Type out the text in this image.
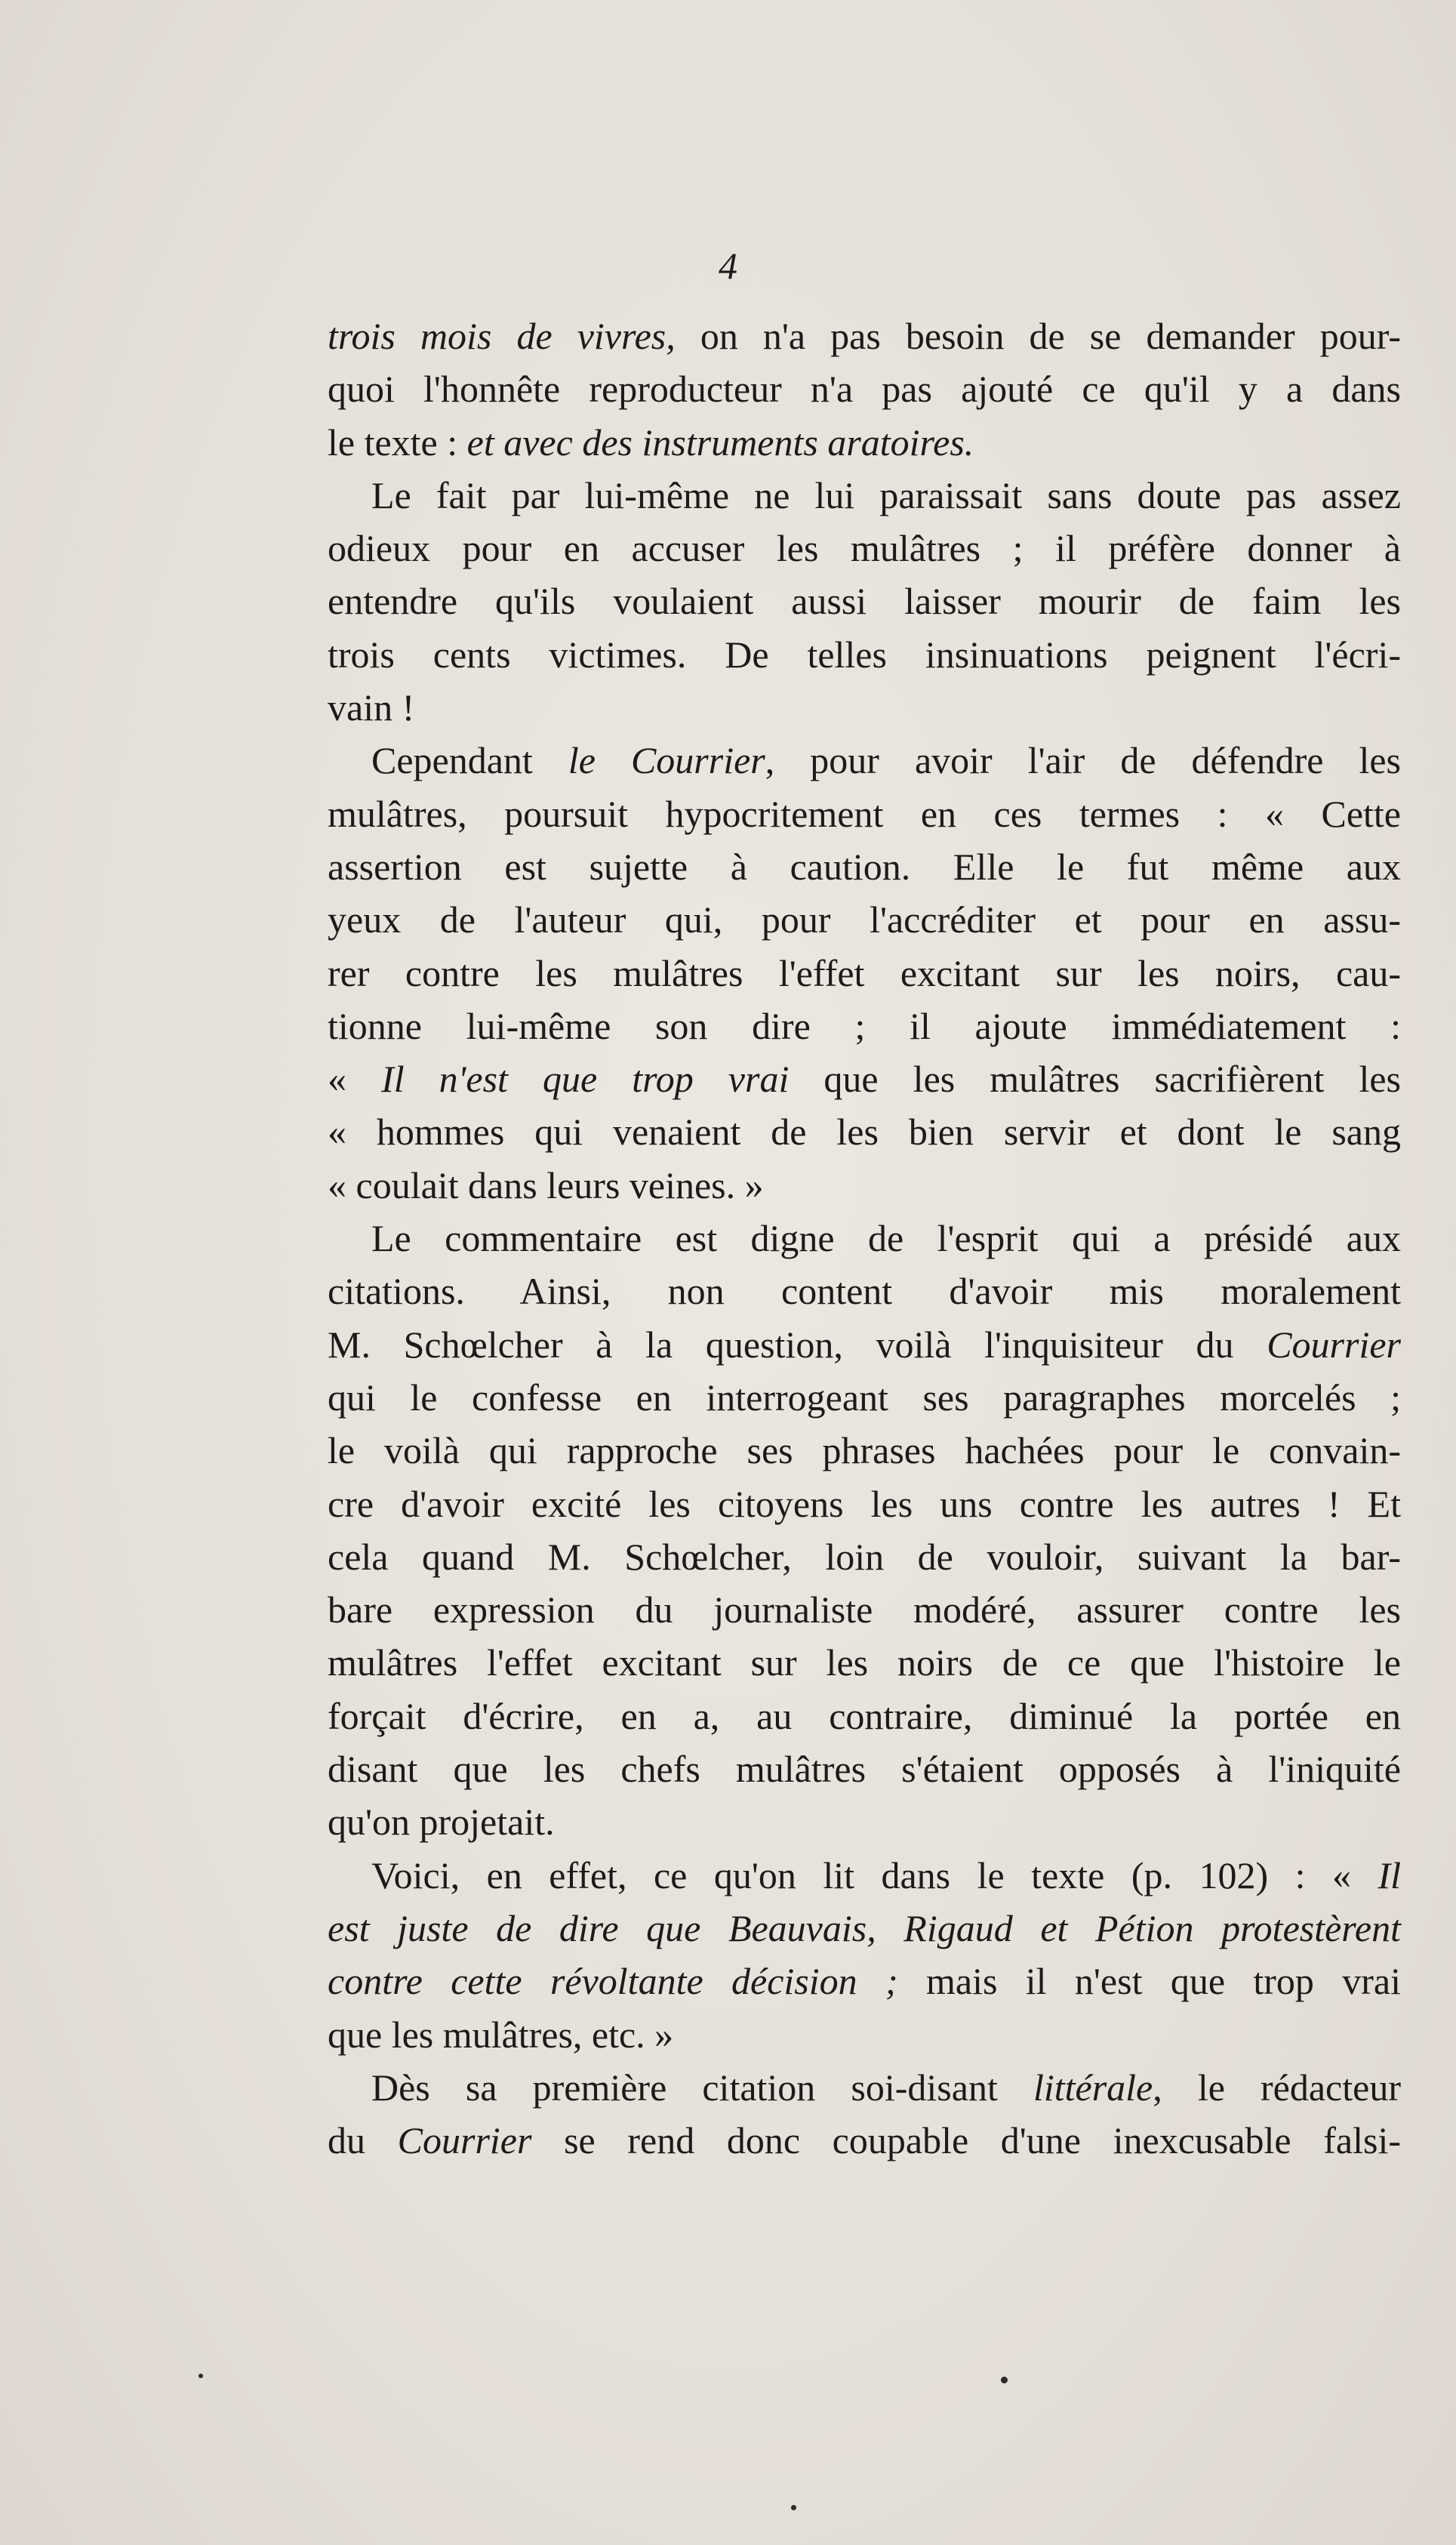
4
trois mois de vivres, on n'a pas besoin de se demander pour-
quoi l'honnête reproducteur n'a pas ajouté ce qu'il y a dans
le texte : et avec des instruments aratoires.
Le fait par lui-même ne lui paraissait sans doute pas assez
odieux pour en accuser les mulâtres ; il préfère donner à
entendre qu'ils voulaient aussi laisser mourir de faim les
trois cents victimes. De telles insinuations peignent l'écri-
vain !
Cependant le Courrier, pour avoir l'air de défendre les
mulâtres, poursuit hypocritement en ces termes : « Cette
assertion est sujette à caution. Elle le fut même aux
yeux de l'auteur qui, pour l'accréditer et pour en assu-
rer contre les mulâtres l'effet excitant sur les noirs, cau-
tionne lui-même son dire ; il ajoute immédiatement :
« Il n'est que trop vrai que les mulâtres sacrifièrent les
« hommes qui venaient de les bien servir et dont le sang
« coulait dans leurs veines. »
Le commentaire est digne de l'esprit qui a présidé aux
citations. Ainsi, non content d'avoir mis moralement
M. Schœlcher à la question, voilà l'inquisiteur du Courrier
qui le confesse en interrogeant ses paragraphes morcelés ;
le voilà qui rapproche ses phrases hachées pour le convain-
cre d'avoir excité les citoyens les uns contre les autres ! Et
cela quand M. Schœlcher, loin de vouloir, suivant la bar-
bare expression du journaliste modéré, assurer contre les
mulâtres l'effet excitant sur les noirs de ce que l'histoire le
forçait d'écrire, en a, au contraire, diminué la portée en
disant que les chefs mulâtres s'étaient opposés à l'iniquité
qu'on projetait.
Voici, en effet, ce qu'on lit dans le texte (p. 102) : « Il
est juste de dire que Beauvais, Rigaud et Pétion protestèrent
contre cette révoltante décision ; mais il n'est que trop vrai
que les mulâtres, etc. »
Dès sa première citation soi-disant littérale, le rédacteur
du Courrier se rend donc coupable d'une inexcusable falsi-
